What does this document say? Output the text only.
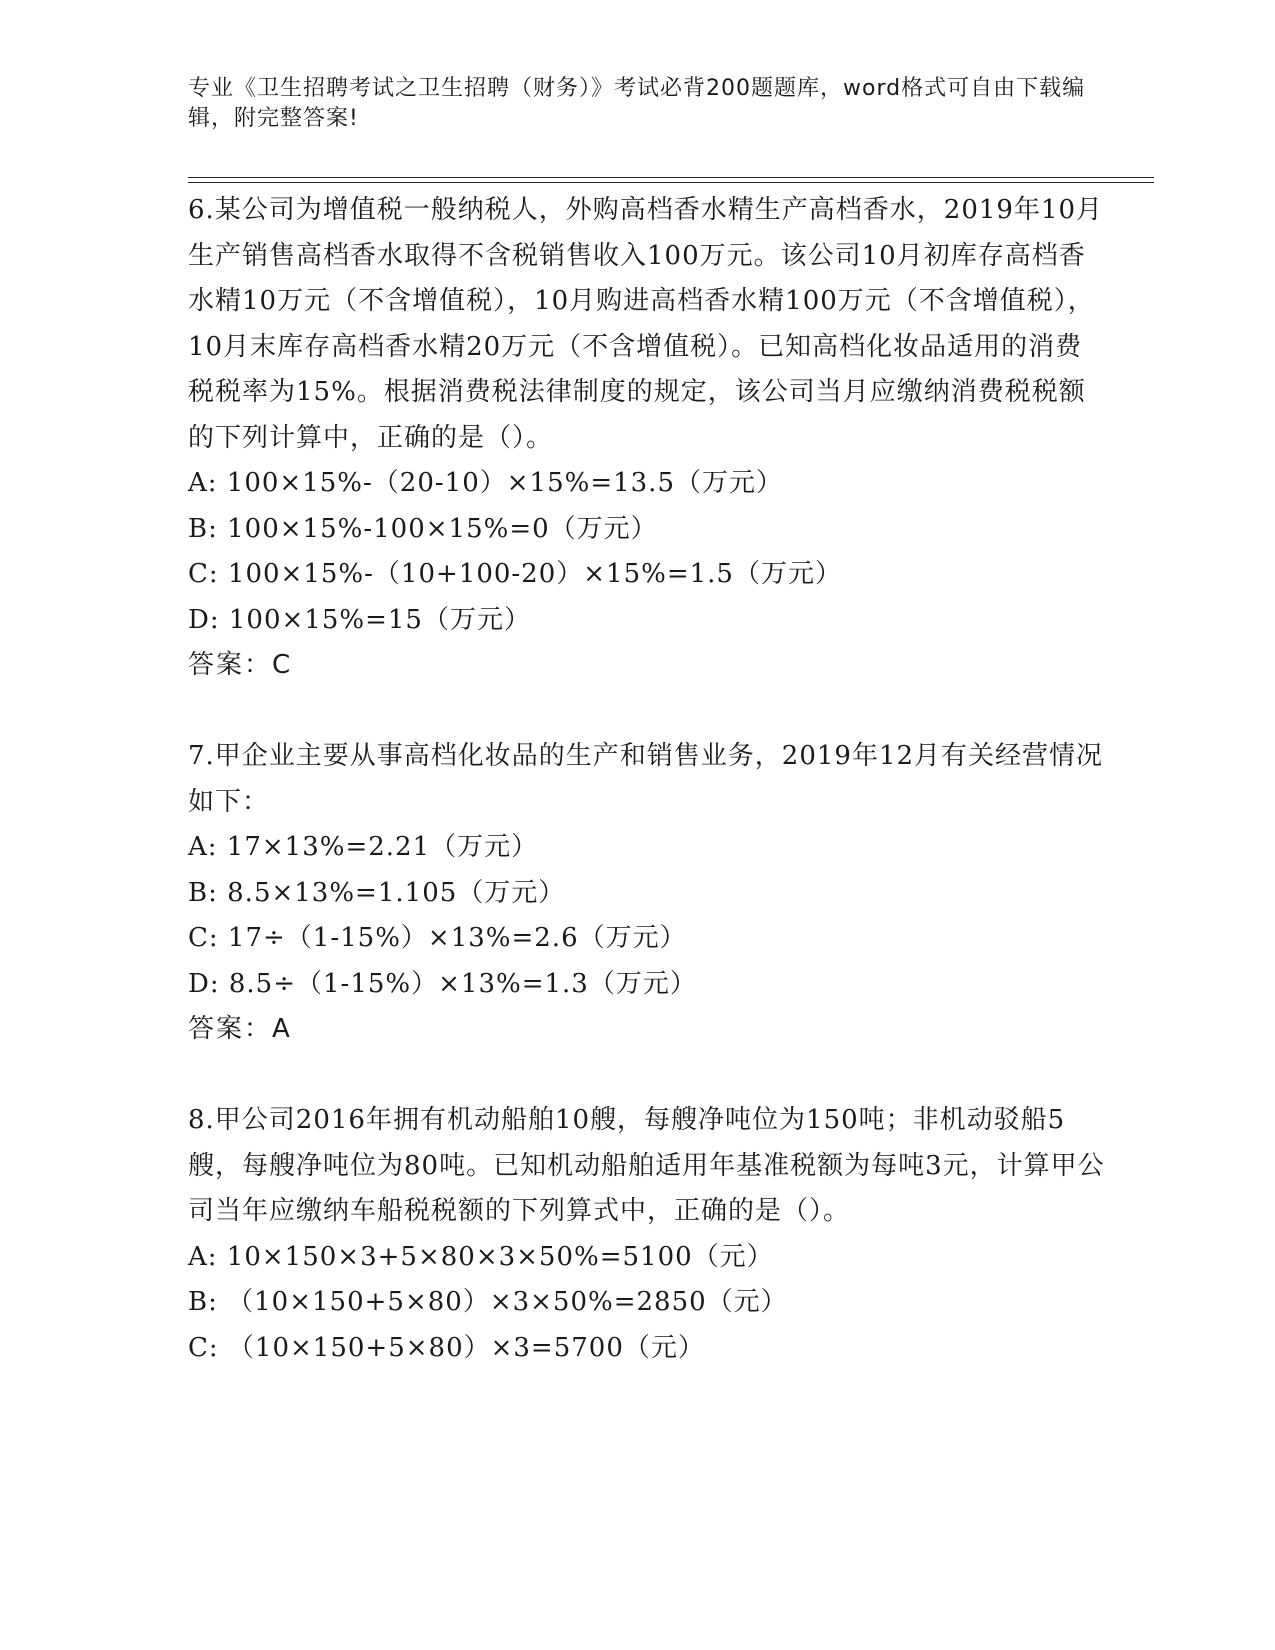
专业《卫生招聘考试之卫生招聘（财务）》考试必背200题题库，word格式可自由下载编辑，附完整答案!

6.某公司为增值税一般纳税人，外购高档香水精生产高档香水，2019年10月生产销售高档香水取得不含税销售收入100万元。该公司10月初库存高档香水精10万元（不含增值税），10月购进高档香水精100万元（不含增值税），10月末库存高档香水精20万元（不含增值税）。已知高档化妆品适用的消费税税率为15%。根据消费税法律制度的规定，该公司当月应缴纳消费税税额的下列计算中，正确的是（）。

A: 100×15%-（20-10）×15%=13.5（万元）

B: 100×15%-100×15%=0（万元）

C: 100×15%-（10+100-20）×15%=1.5（万元）

D: 100×15%=15（万元）

答案：C

7.甲企业主要从事高档化妆品的生产和销售业务，2019年12月有关经营情况如下：

A: 17×13%=2.21（万元）

B: 8.5×13%=1.105（万元）

C: 17÷（1-15%）×13%=2.6（万元）

D: 8.5÷（1-15%）×13%=1.3（万元）

答案：A

8.甲公司2016年拥有机动船舶10艘，每艘净吨位为150吨；非机动驳船5艘，每艘净吨位为80吨。已知机动船舶适用年基准税额为每吨3元，计算甲公司当年应缴纳车船税税额的下列算式中，正确的是（）。

A: 10×150×3+5×80×3×50%=5100（元）

B: （10×150+5×80）×3×50%=2850（元）

C: （10×150+5×80）×3=5700（元）
